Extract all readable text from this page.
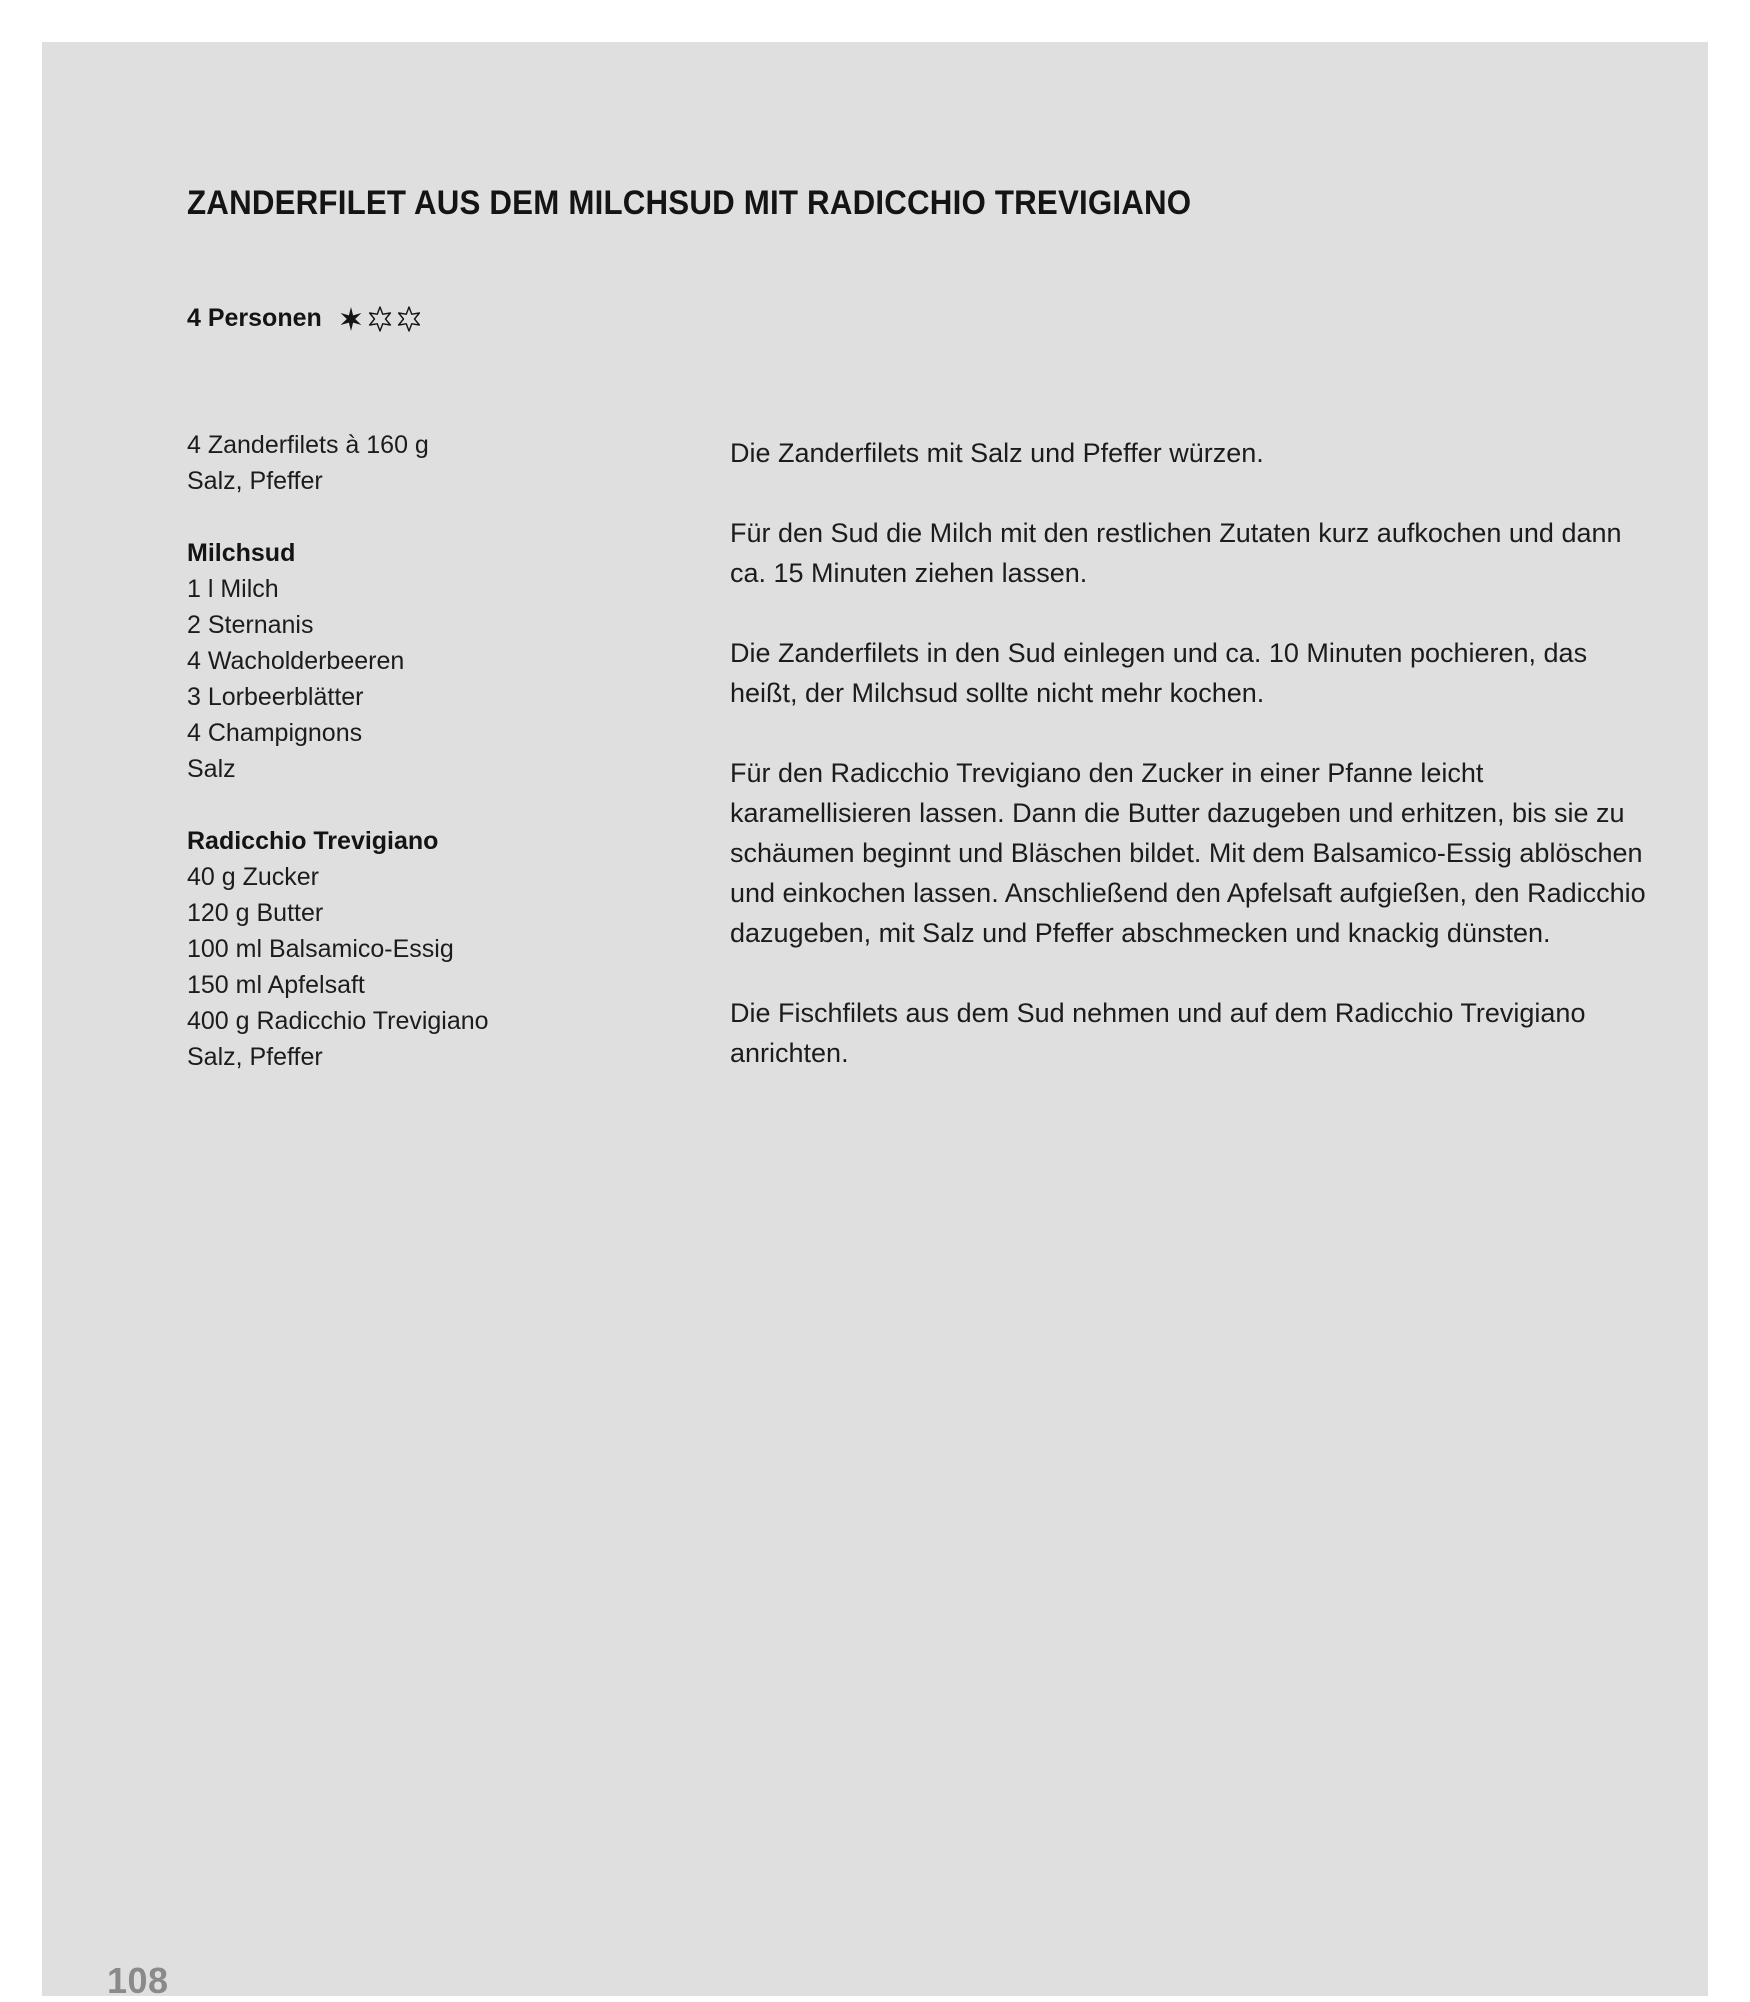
ZANDERFILET AUS DEM MILCHSUD MIT RADICCHIO TREVIGIANO
4 Personen
4 Zanderfilets à 160 g
Salz, Pfeffer
Milchsud
1 l Milch
2 Sternanis
4 Wacholderbeeren
3 Lorbeerblätter
4 Champignons
Salz
Radicchio Trevigiano
40 g Zucker
120 g Butter
100 ml Balsamico-Essig
150 ml Apfelsaft
400 g Radicchio Trevigiano
Salz, Pfeffer

Die Zanderfilets mit Salz und Pfeffer würzen.

Für den Sud die Milch mit den restlichen Zutaten kurz aufkochen und dann ca. 15 Minuten ziehen lassen.

Die Zanderfilets in den Sud einlegen und ca. 10 Minuten pochieren, das heißt, der Milchsud sollte nicht mehr kochen.

Für den Radicchio Trevigiano den Zucker in einer Pfanne leicht karamellisieren lassen. Dann die Butter dazugeben und erhitzen, bis sie zu schäumen beginnt und Bläschen bildet. Mit dem Balsamico-Essig ablöschen und einkochen lassen. Anschließend den Apfelsaft aufgießen, den Radicchio dazugeben, mit Salz und Pfeffer abschmecken und knackig dünsten.

Die Fischfilets aus dem Sud nehmen und auf dem Radicchio Trevigiano anrichten.

108
